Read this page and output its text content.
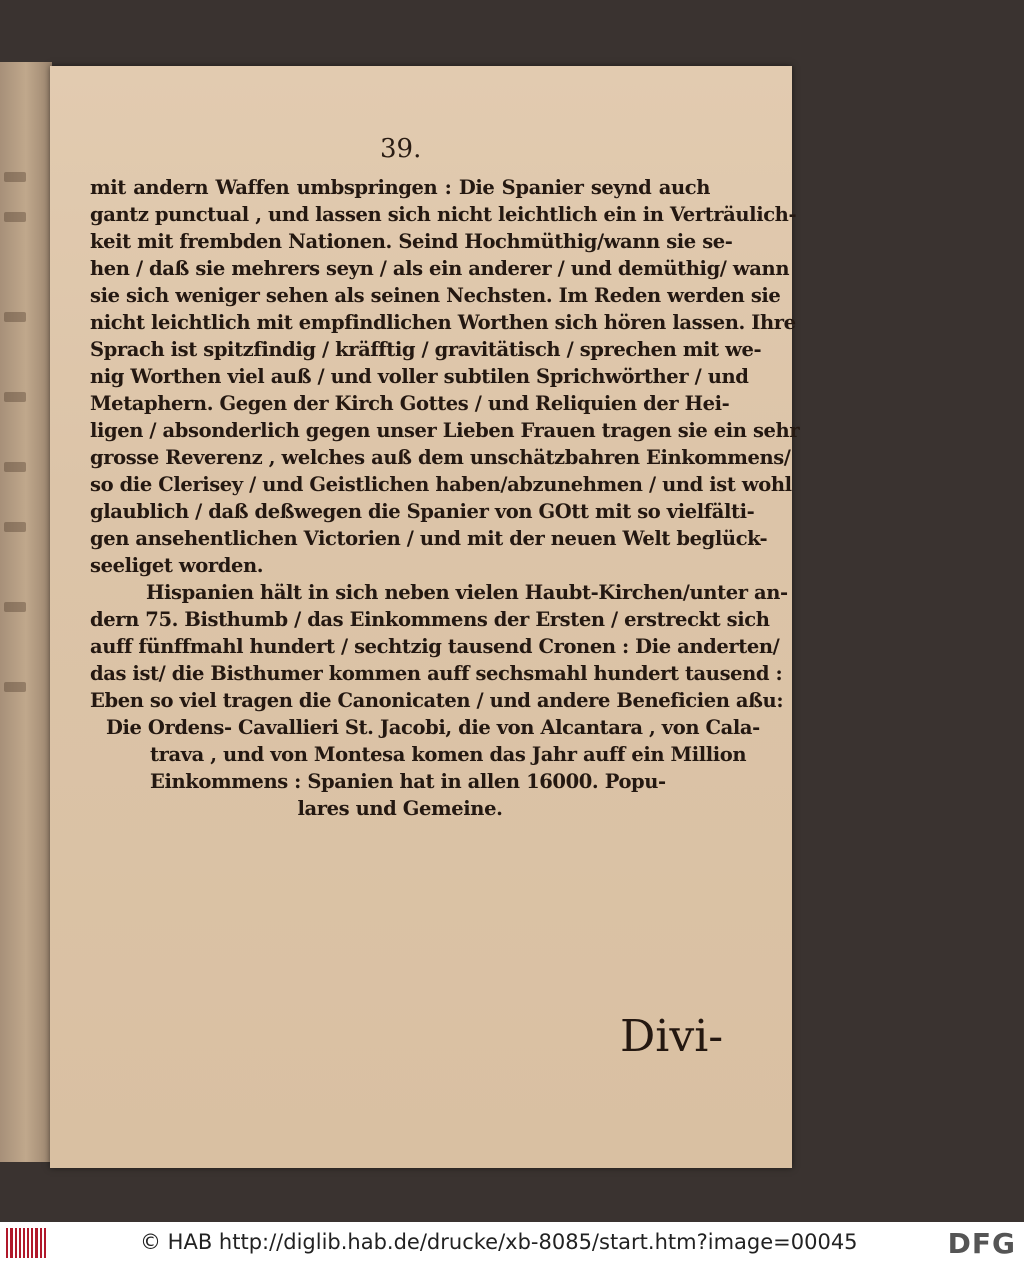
39.
mit andern Waffen umbspringen : Die Spanier seynd auch
gantz punctual , und lassen sich nicht leichtlich ein in Verträulich-
keit mit frembden Nationen. Seind Hochmüthig/wann sie se-
hen / daß sie mehrers seyn / als ein anderer / und demüthig/ wann
sie sich weniger sehen als seinen Nechsten. Im Reden werden sie
nicht leichtlich mit empfindlichen Worthen sich hören lassen. Ihre
Sprach ist spitzfindig / kräfftig / gravitätisch / sprechen mit we-
nig Worthen viel auß / und voller subtilen Sprichwörther / und
Metaphern. Gegen der Kirch Gottes / und Reliquien der Hei-
ligen / absonderlich gegen unser Lieben Frauen tragen sie ein sehr
grosse Reverenz , welches auß dem unschätzbahren Einkommens/
so die Clerisey / und Geistlichen haben/abzunehmen / und ist wohl
glaublich / daß deßwegen die Spanier von GOtt mit so vielfälti-
gen ansehentlichen Victorien / und mit der neuen Welt beglück-
seeliget worden.
Hispanien hält in sich neben vielen Haubt-Kirchen/unter an-
dern 75. Bisthumb / das Einkommens der Ersten / erstreckt sich
auff fünffmahl hundert / sechtzig tausend Cronen : Die anderten/
das ist/ die Bisthumer kommen auff sechsmahl hundert tausend :
Eben so viel tragen die Canonicaten / und andere Beneficien aßu:
Die Ordens- Cavallieri St. Jacobi, die von Alcantara , von Cala-
trava , und von Montesa komen das Jahr auff ein Million
Einkommens : Spanien hat in allen 16000. Popu-
lares und Gemeine.
Divi-
© HAB http://diglib.hab.de/drucke/xb-8085/start.htm?image=00045	DFG
